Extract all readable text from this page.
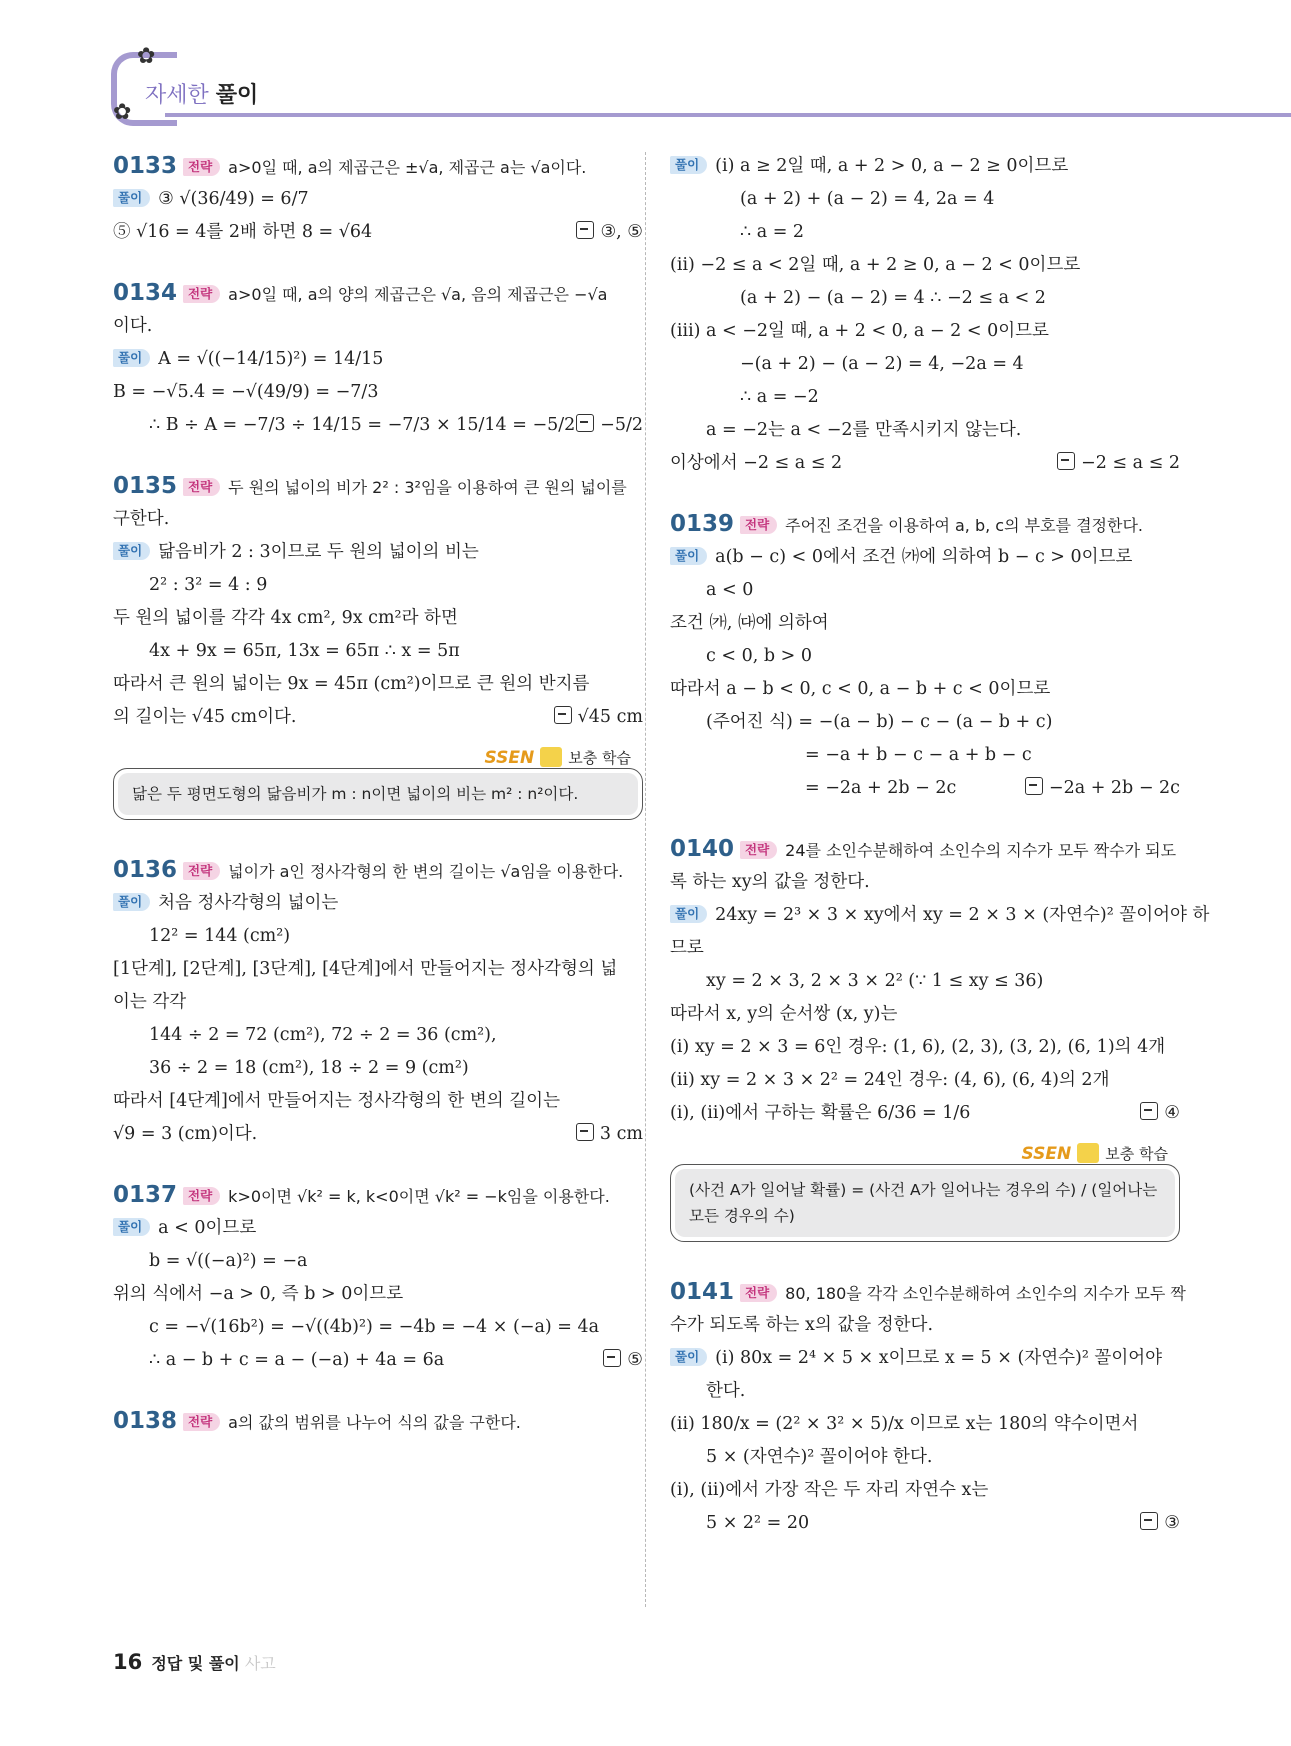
✿
✿
자세한 풀이
0133 전략 a>0일 때, a의 제곱근은 ±√a, 제곱근 a는 √a이다.
풀이 ③ √(36/49) = 6/7
⑤ √16 = 4를 2배 하면 8 = √64	③, ⑤
0134 전략 a>0일 때, a의 양의 제곱근은 √a, 음의 제곱근은 −√a
이다.
풀이 A = √((−14/15)²) = 14/15
B = −√5.4̇ = −√(49/9) = −7/3
∴ B ÷ A = −7/3 ÷ 14/15 = −7/3 × 15/14 = −5/2	−5/2
0135 전략 두 원의 넓이의 비가 2² : 3²임을 이용하여 큰 원의 넓이를
구한다.
풀이 닮음비가 2 : 3이므로 두 원의 넓이의 비는
2² : 3² = 4 : 9
두 원의 넓이를 각각 4x cm², 9x cm²라 하면
4x + 9x = 65π, 13x = 65π ∴ x = 5π
따라서 큰 원의 넓이는 9x = 45π (cm²)이므로 큰 원의 반지름
의 길이는 √45 cm이다.	√45 cm
SSEN 보충 학습
닮은 두 평면도형의 닮음비가 m : n이면 넓이의 비는 m² : n²이다.
0136 전략 넓이가 a인 정사각형의 한 변의 길이는 √a임을 이용한다.
풀이 처음 정사각형의 넓이는
12² = 144 (cm²)
[1단계], [2단계], [3단계], [4단계]에서 만들어지는 정사각형의 넓
이는 각각
144 ÷ 2 = 72 (cm²), 72 ÷ 2 = 36 (cm²),
36 ÷ 2 = 18 (cm²), 18 ÷ 2 = 9 (cm²)
따라서 [4단계]에서 만들어지는 정사각형의 한 변의 길이는
√9 = 3 (cm)이다.	3 cm
0137 전략 k>0이면 √k² = k, k<0이면 √k² = −k임을 이용한다.
풀이 a < 0이므로
b = √((−a)²) = −a
위의 식에서 −a > 0, 즉 b > 0이므로
c = −√(16b²) = −√((4b)²) = −4b = −4 × (−a) = 4a
∴ a − b + c = a − (−a) + 4a = 6a	⑤
0138 전략 a의 값의 범위를 나누어 식의 값을 구한다.
풀이 (ⅰ) a ≥ 2일 때, a + 2 > 0, a − 2 ≥ 0이므로
(a + 2) + (a − 2) = 4, 2a = 4
∴ a = 2
(ⅱ) −2 ≤ a < 2일 때, a + 2 ≥ 0, a − 2 < 0이므로
(a + 2) − (a − 2) = 4 ∴ −2 ≤ a < 2
(ⅲ) a < −2일 때, a + 2 < 0, a − 2 < 0이므로
−(a + 2) − (a − 2) = 4, −2a = 4
∴ a = −2
a = −2는 a < −2를 만족시키지 않는다.
이상에서 −2 ≤ a ≤ 2	−2 ≤ a ≤ 2
0139 전략 주어진 조건을 이용하여 a, b, c의 부호를 결정한다.
풀이 a(b − c) < 0에서 조건 ㈎에 의하여 b − c > 0이므로
a < 0
조건 ㈎, ㈐에 의하여
c < 0, b > 0
따라서 a − b < 0, c < 0, a − b + c < 0이므로
(주어진 식) = −(a − b) − c − (a − b + c)
= −a + b − c − a + b − c
= −2a + 2b − 2c	−2a + 2b − 2c
0140 전략 24를 소인수분해하여 소인수의 지수가 모두 짝수가 되도
록 하는 xy의 값을 정한다.
풀이 24xy = 2³ × 3 × xy에서 xy = 2 × 3 × (자연수)² 꼴이어야 하
므로
xy = 2 × 3, 2 × 3 × 2² (∵ 1 ≤ xy ≤ 36)
따라서 x, y의 순서쌍 (x, y)는
(ⅰ) xy = 2 × 3 = 6인 경우: (1, 6), (2, 3), (3, 2), (6, 1)의 4개
(ⅱ) xy = 2 × 3 × 2² = 24인 경우: (4, 6), (6, 4)의 2개
(ⅰ), (ⅱ)에서 구하는 확률은 6/36 = 1/6	④
SSEN 보충 학습
(사건 A가 일어날 확률) = (사건 A가 일어나는 경우의 수) / (일어나는 모든 경우의 수)
0141 전략 80, 180을 각각 소인수분해하여 소인수의 지수가 모두 짝
수가 되도록 하는 x의 값을 정한다.
풀이 (ⅰ) 80x = 2⁴ × 5 × x이므로 x = 5 × (자연수)² 꼴이어야
한다.
(ⅱ) 180/x = (2² × 3² × 5)/x 이므로 x는 180의 약수이면서
5 × (자연수)² 꼴이어야 한다.
(ⅰ), (ⅱ)에서 가장 작은 두 자리 자연수 x는
5 × 2² = 20	③
16 정답 및 풀이 사고
